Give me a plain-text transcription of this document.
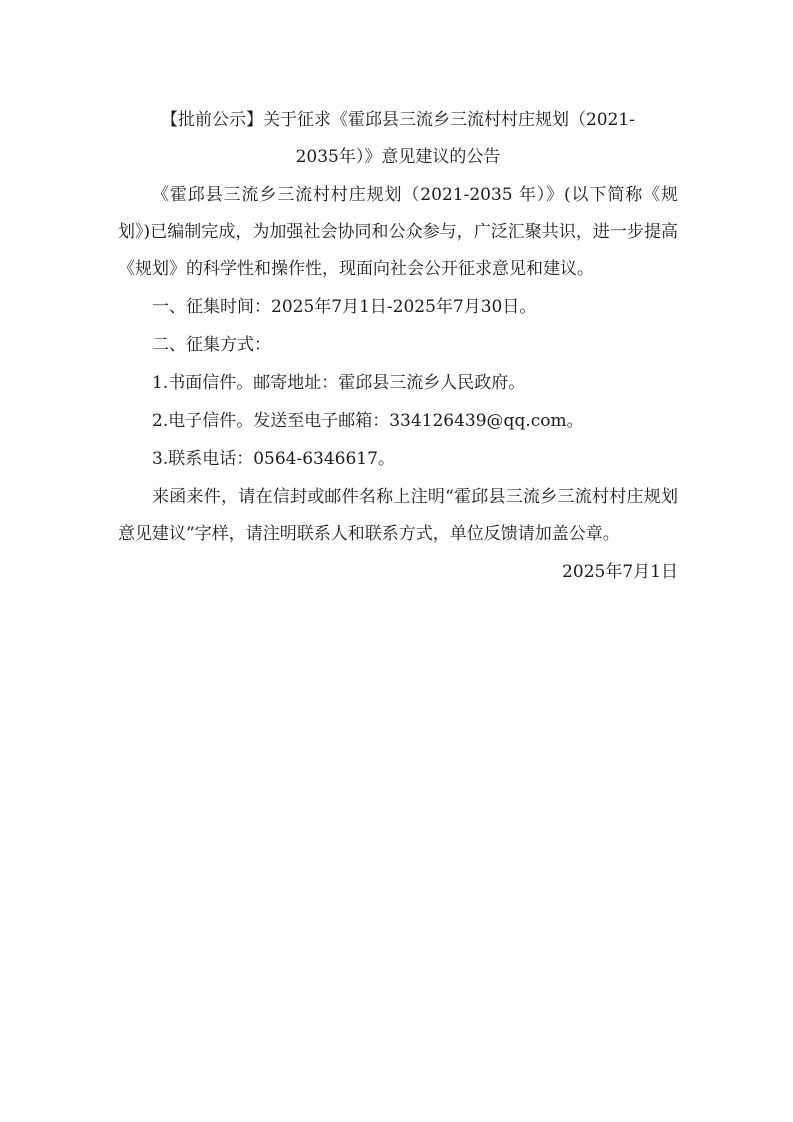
【批前公示】关于征求《霍邱县三流乡三流村村庄规划（2021-

2035年）》意见建议的公告

《霍邱县三流乡三流村村庄规划（2021-2035 年）》(以下简称《规划》)已编制完成，为加强社会协同和公众参与，广泛汇聚共识，进一步提高《规划》的科学性和操作性，现面向社会公开征求意见和建议。

一、征集时间：2025年7月1日-2025年7月30日。

二、征集方式：

1.书面信件。邮寄地址：霍邱县三流乡人民政府。

2.电子信件。发送至电子邮箱：334126439@qq.com。

3.联系电话：0564-6346617。

来函来件，请在信封或邮件名称上注明“霍邱县三流乡三流村村庄规划意见建议”字样，请注明联系人和联系方式，单位反馈请加盖公章。

2025年7月1日
